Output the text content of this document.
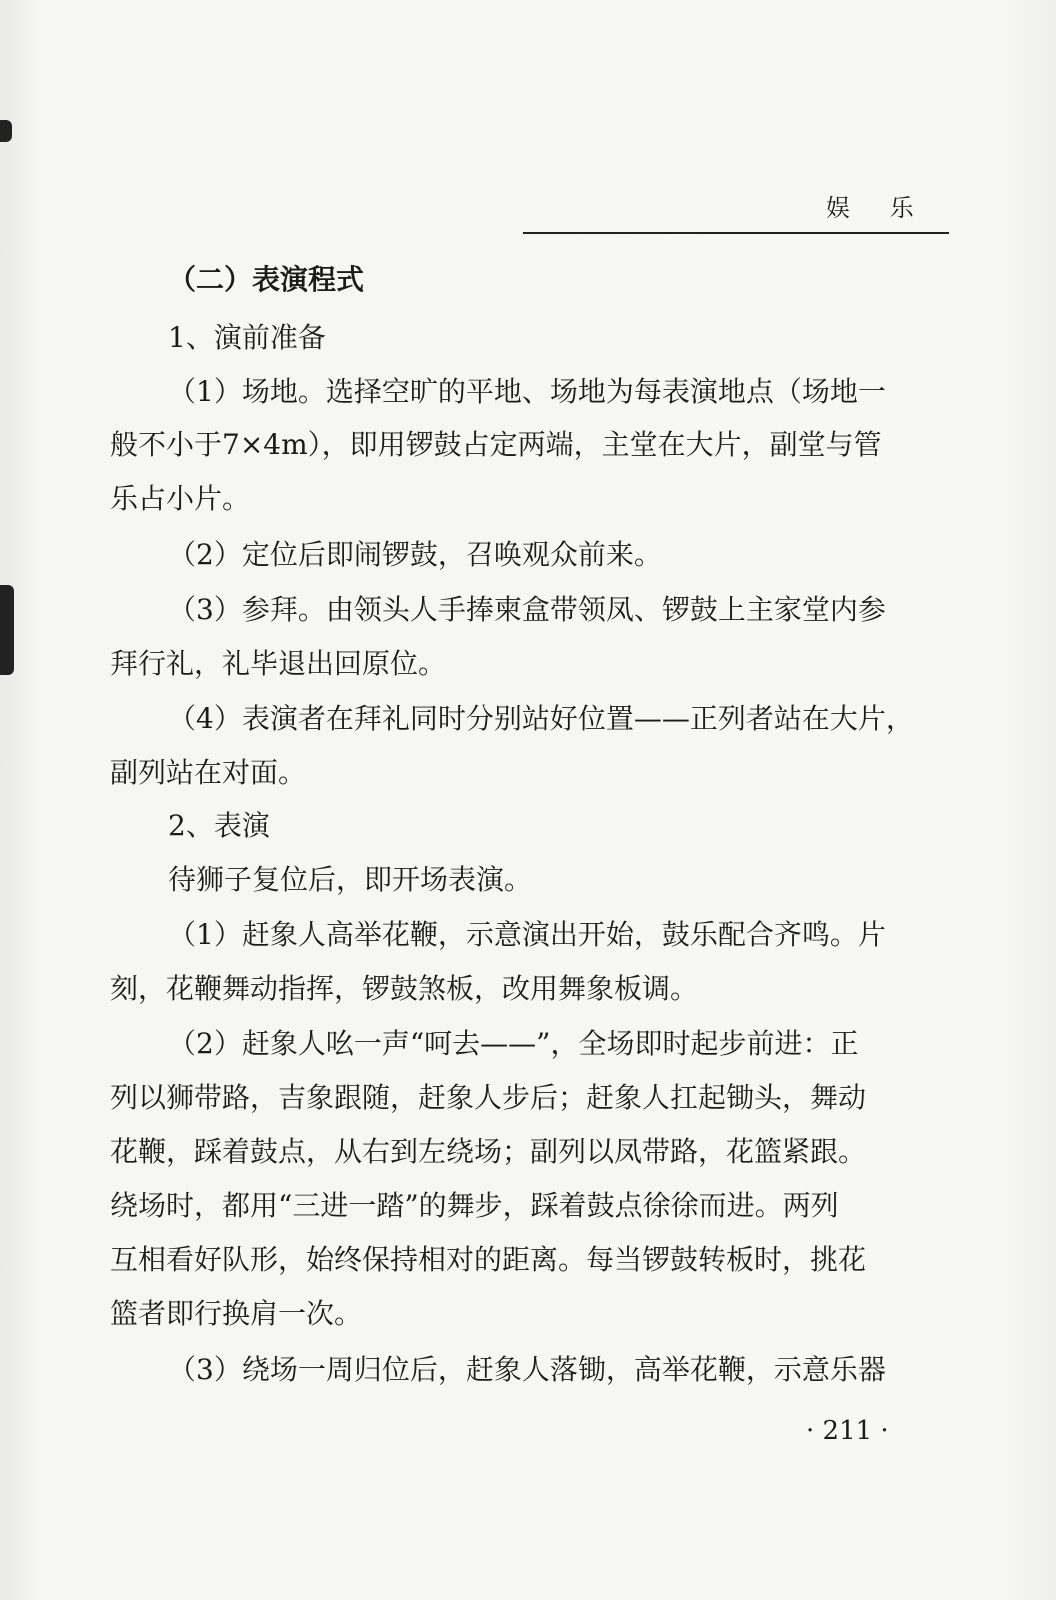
娱 乐
（二）表演程式
1、演前准备
（1）场地。选择空旷的平地、场地为每表演地点（场地一
般不小于7×4m），即用锣鼓占定两端，主堂在大片，副堂与管
乐占小片。
（2）定位后即闹锣鼓，召唤观众前来。
（3）参拜。由领头人手捧柬盒带领凤、锣鼓上主家堂内参
拜行礼，礼毕退出回原位。
（4）表演者在拜礼同时分别站好位置——正列者站在大片，
副列站在对面。
2、表演
待狮子复位后，即开场表演。
（1）赶象人高举花鞭，示意演出开始，鼓乐配合齐鸣。片
刻，花鞭舞动指挥，锣鼓煞板，改用舞象板调。
（2）赶象人吆一声“呵去——”，全场即时起步前进：正
列以狮带路，吉象跟随，赶象人步后；赶象人扛起锄头，舞动
花鞭，踩着鼓点，从右到左绕场；副列以凤带路，花篮紧跟。
绕场时，都用“三进一踏”的舞步，踩着鼓点徐徐而进。两列
互相看好队形，始终保持相对的距离。每当锣鼓转板时，挑花
篮者即行换肩一次。
（3）绕场一周归位后，赶象人落锄，高举花鞭，示意乐器
· 211 ·
